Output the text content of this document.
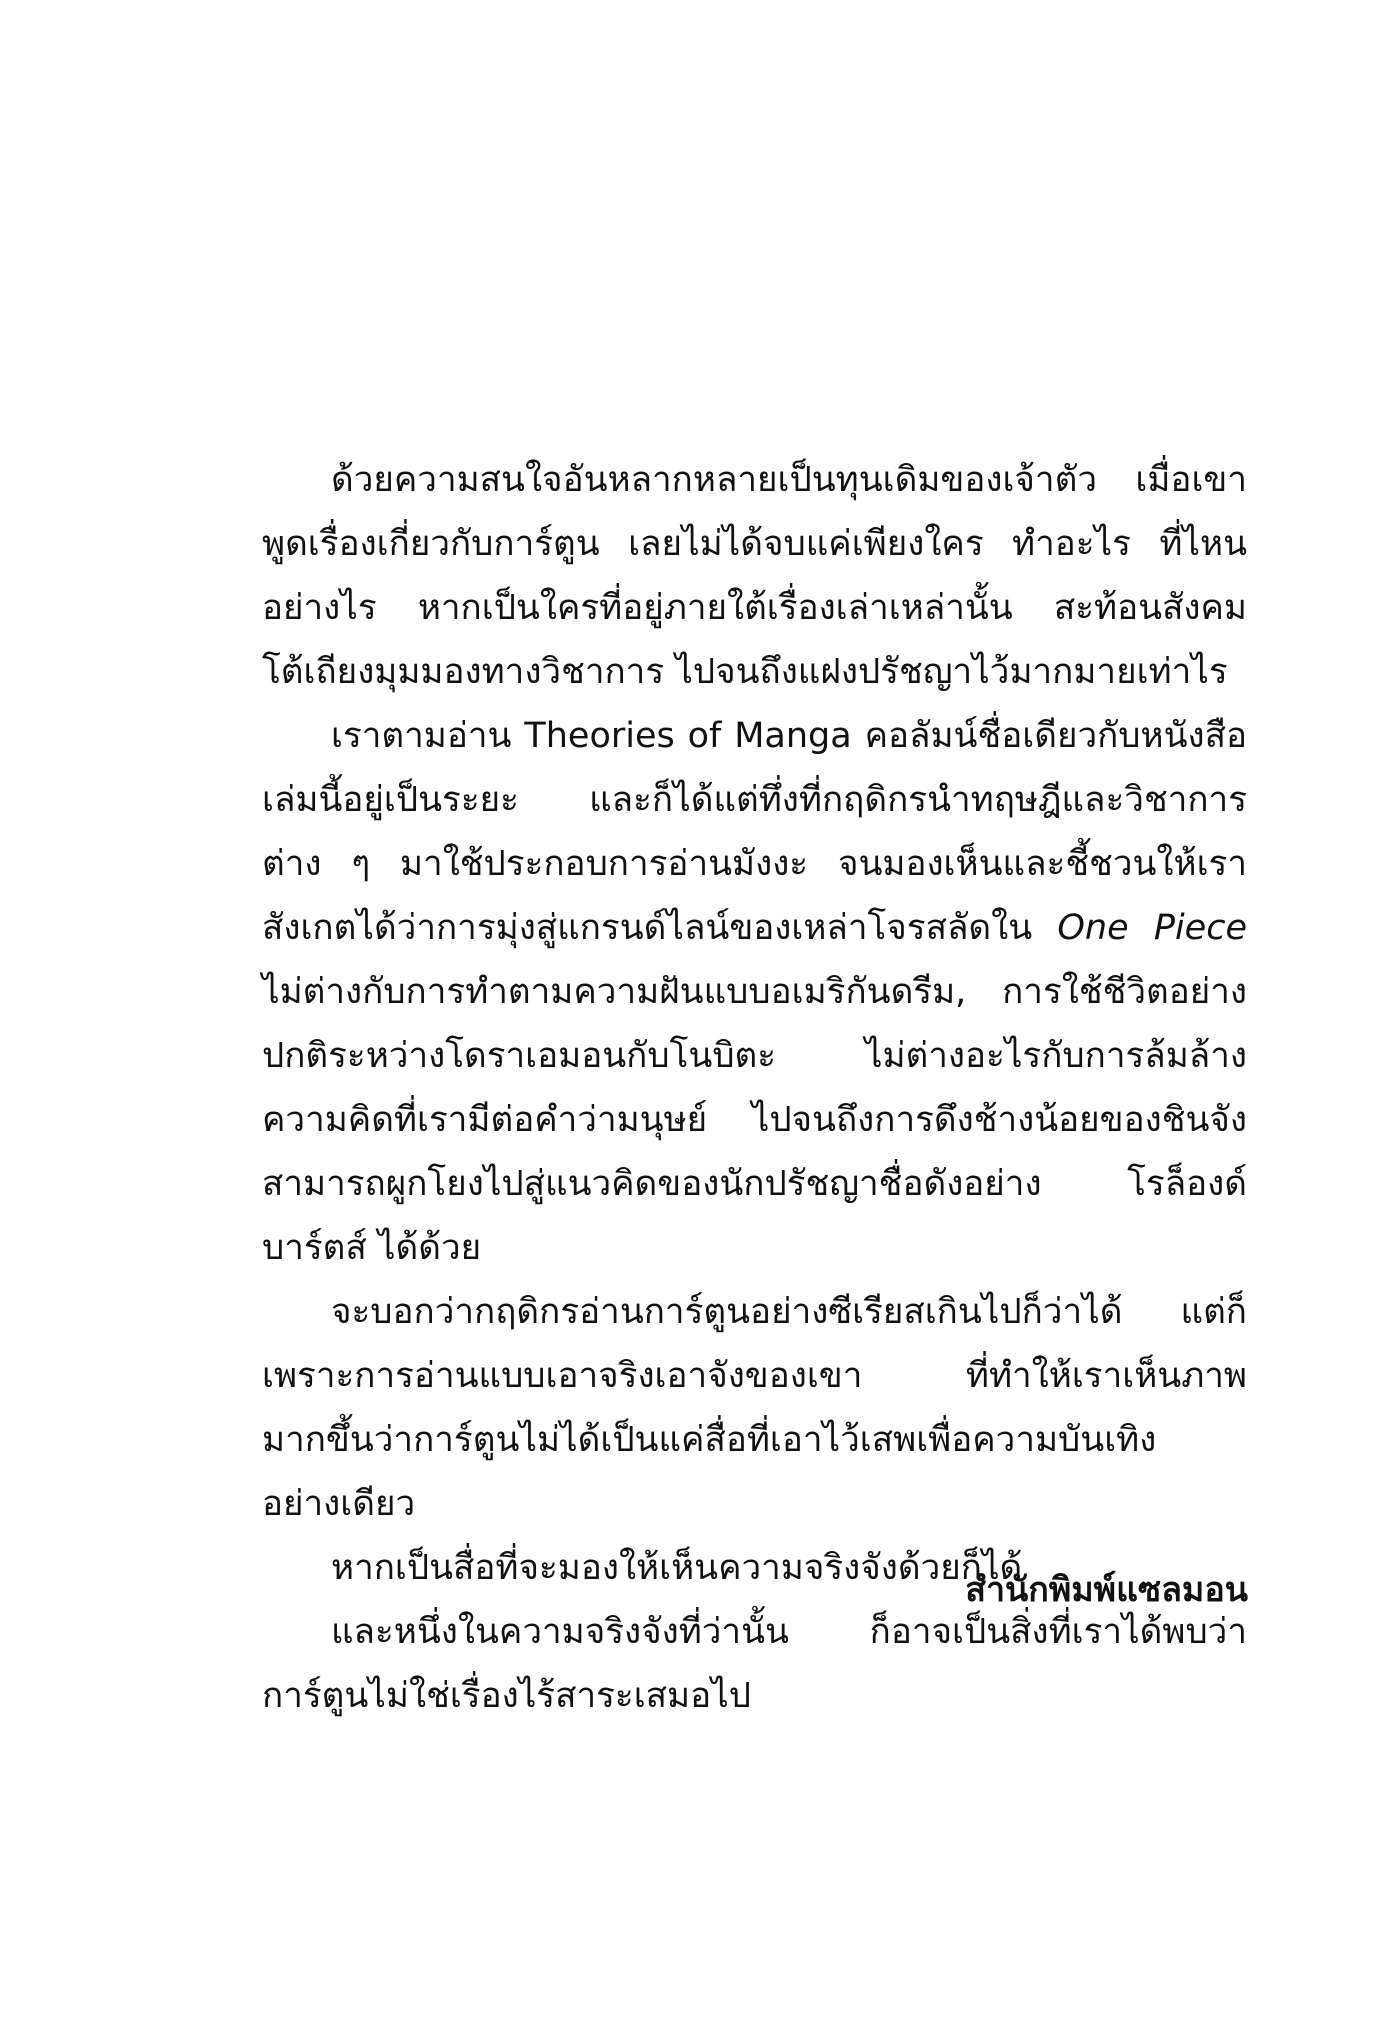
ด้วยความสนใจอันหลากหลายเป็นทุนเดิมของเจ้าตัว เมื่อเขา
พูดเรื่องเกี่ยวกับการ์ตูน เลยไม่ได้จบแค่เพียงใคร ทำอะไร ที่ไหน
อย่างไร หากเป็นใครที่อยู่ภายใต้เรื่องเล่าเหล่านั้น สะท้อนสังคม
โต้เถียงมุมมองทางวิชาการ ไปจนถึงแฝงปรัชญาไว้มากมายเท่าไร
เราตามอ่าน Theories of Manga คอลัมน์ชื่อเดียวกับหนังสือ
เล่มนี้อยู่เป็นระยะ และก็ได้แต่ทึ่งที่กฤดิกรนำทฤษฎีและวิชาการ
ต่าง ๆ มาใช้ประกอบการอ่านมังงะ จนมองเห็นและชี้ชวนให้เรา
สังเกตได้ว่าการมุ่งสู่แกรนด์ไลน์ของเหล่าโจรสลัดใน One Piece
ไม่ต่างกับการทำตามความฝันแบบอเมริกันดรีม, การใช้ชีวิตอย่าง
ปกติระหว่างโดราเอมอนกับโนบิตะ ไม่ต่างอะไรกับการล้มล้าง
ความคิดที่เรามีต่อคำว่ามนุษย์ ไปจนถึงการดึงช้างน้อยของชินจัง
สามารถผูกโยงไปสู่แนวคิดของนักปรัชญาชื่อดังอย่าง โรล็องด์
บาร์ตส์ ได้ด้วย
จะบอกว่ากฤดิกรอ่านการ์ตูนอย่างซีเรียสเกินไปก็ว่าได้ แต่ก็
เพราะการอ่านแบบเอาจริงเอาจังของเขา ที่ทำให้เราเห็นภาพ
มากขึ้นว่าการ์ตูนไม่ได้เป็นแค่สื่อที่เอาไว้เสพเพื่อความบันเทิง
อย่างเดียว
หากเป็นสื่อที่จะมองให้เห็นความจริงจังด้วยก็ได้
และหนึ่งในความจริงจังที่ว่านั้น ก็อาจเป็นสิ่งที่เราได้พบว่า
การ์ตูนไม่ใช่เรื่องไร้สาระเสมอไป
สำนักพิมพ์แซลมอน
